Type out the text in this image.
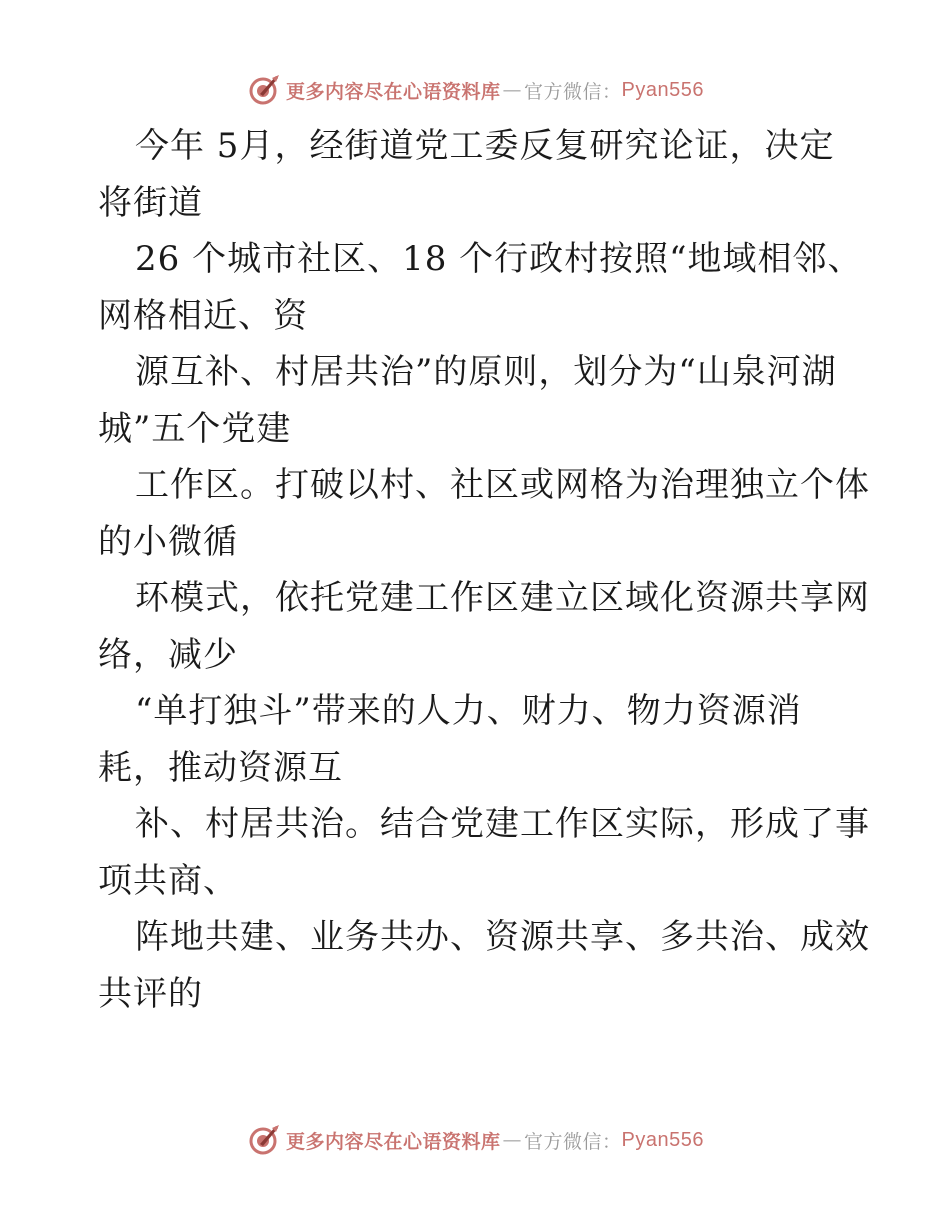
更多内容尽在心语资料库 — 官方微信： Pyan556
今年 5月，经街道党工委反复研究论证，决定
将街道
26 个城市社区、18 个行政村按照“地域相邻、
网格相近、资
源互补、村居共治”的原则，划分为“山泉河湖
城”五个党建
工作区。打破以村、社区或网格为治理独立个体
的小微循
环模式，依托党建工作区建立区域化资源共享网
络，减少
“单打独斗”带来的人力、财力、物力资源消
耗，推动资源互
补、村居共治。结合党建工作区实际，形成了事
项共商、
阵地共建、业务共办、资源共享、多共治、成效
共评的
更多内容尽在心语资料库 — 官方微信： Pyan556
